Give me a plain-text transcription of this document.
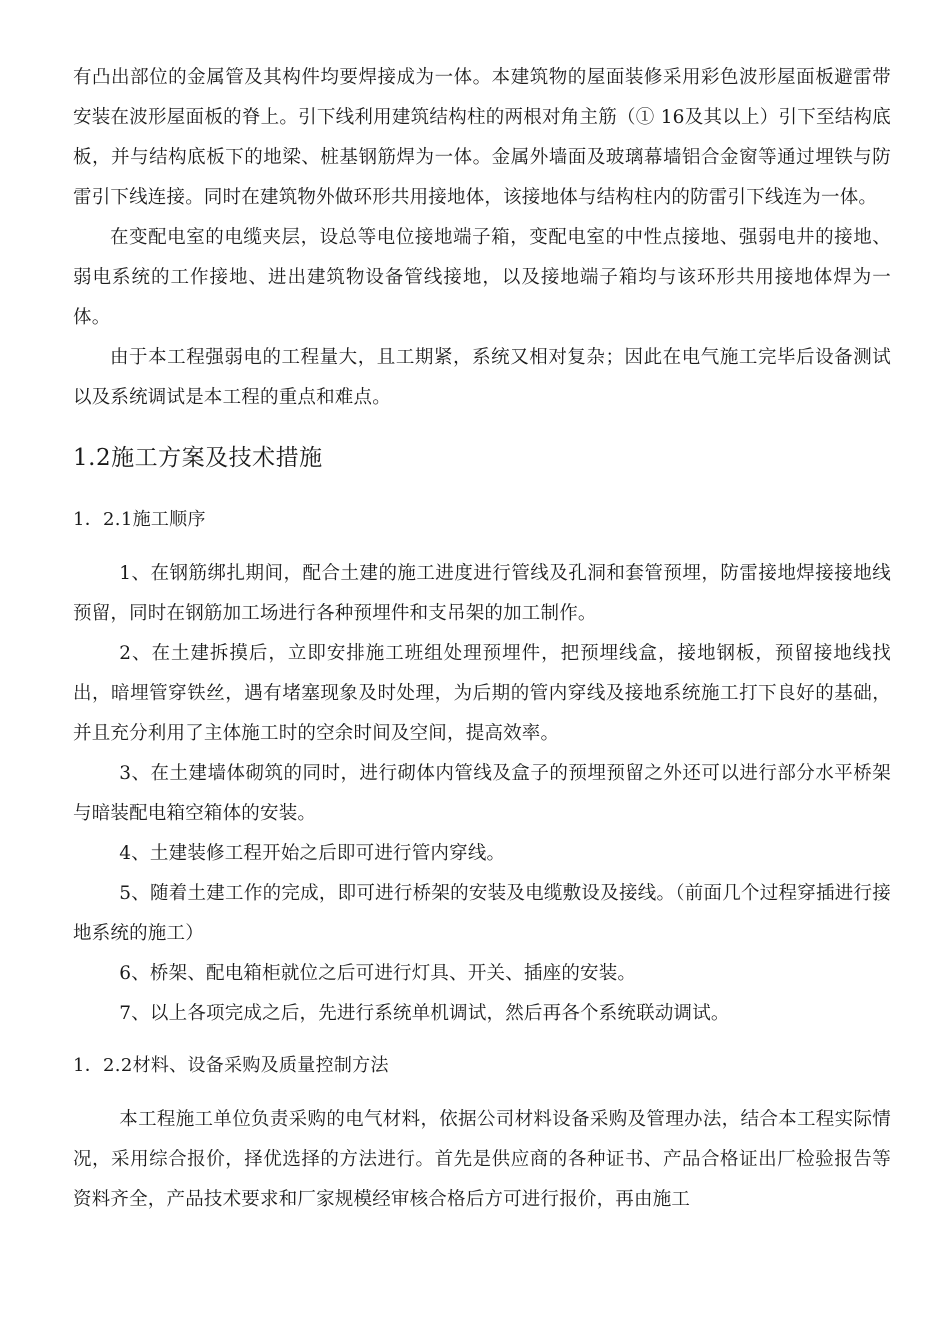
有凸出部位的金属管及其构件均要焊接成为一体。本建筑物的屋面装修采用彩色波形屋面板避雷带安装在波形屋面板的脊上。引下线利用建筑结构柱的两根对角主筋（① 16及其以上）引下至结构底板，并与结构底板下的地梁、桩基钢筋焊为一体。金属外墙面及玻璃幕墙铝合金窗等通过埋铁与防雷引下线连接。同时在建筑物外做环形共用接地体，该接地体与结构柱内的防雷引下线连为一体。

在变配电室的电缆夹层，设总等电位接地端子箱，变配电室的中性点接地、强弱电井的接地、弱电系统的工作接地、进出建筑物设备管线接地，以及接地端子箱均与该环形共用接地体焊为一体。

由于本工程强弱电的工程量大，且工期紧，系统又相对复杂；因此在电气施工完毕后设备测试以及系统调试是本工程的重点和难点。

1.2施工方案及技术措施
1．2.1施工顺序

1、在钢筋绑扎期间，配合土建的施工进度进行管线及孔洞和套管预埋，防雷接地焊接接地线预留，同时在钢筋加工场进行各种预埋件和支吊架的加工制作。

2、在土建拆摸后，立即安排施工班组处理预埋件，把预埋线盒，接地钢板，预留接地线找出，暗埋管穿铁丝，遇有堵塞现象及时处理，为后期的管内穿线及接地系统施工打下良好的基础，并且充分利用了主体施工时的空余时间及空间，提高效率。

3、在土建墙体砌筑的同时，进行砌体内管线及盒子的预埋预留之外还可以进行部分水平桥架与暗装配电箱空箱体的安装。

4、土建装修工程开始之后即可进行管内穿线。

5、随着土建工作的完成，即可进行桥架的安装及电缆敷设及接线。（前面几个过程穿插进行接地系统的施工）

6、桥架、配电箱柜就位之后可进行灯具、开关、插座的安装。

7、以上各项完成之后，先进行系统单机调试，然后再各个系统联动调试。

1．2.2材料、设备采购及质量控制方法

本工程施工单位负责采购的电气材料，依据公司材料设备采购及管理办法，结合本工程实际情况，采用综合报价，择优选择的方法进行。首先是供应商的各种证书、产品合格证出厂检验报告等资料齐全，产品技术要求和厂家规模经审核合格后方可进行报价，再由施工
